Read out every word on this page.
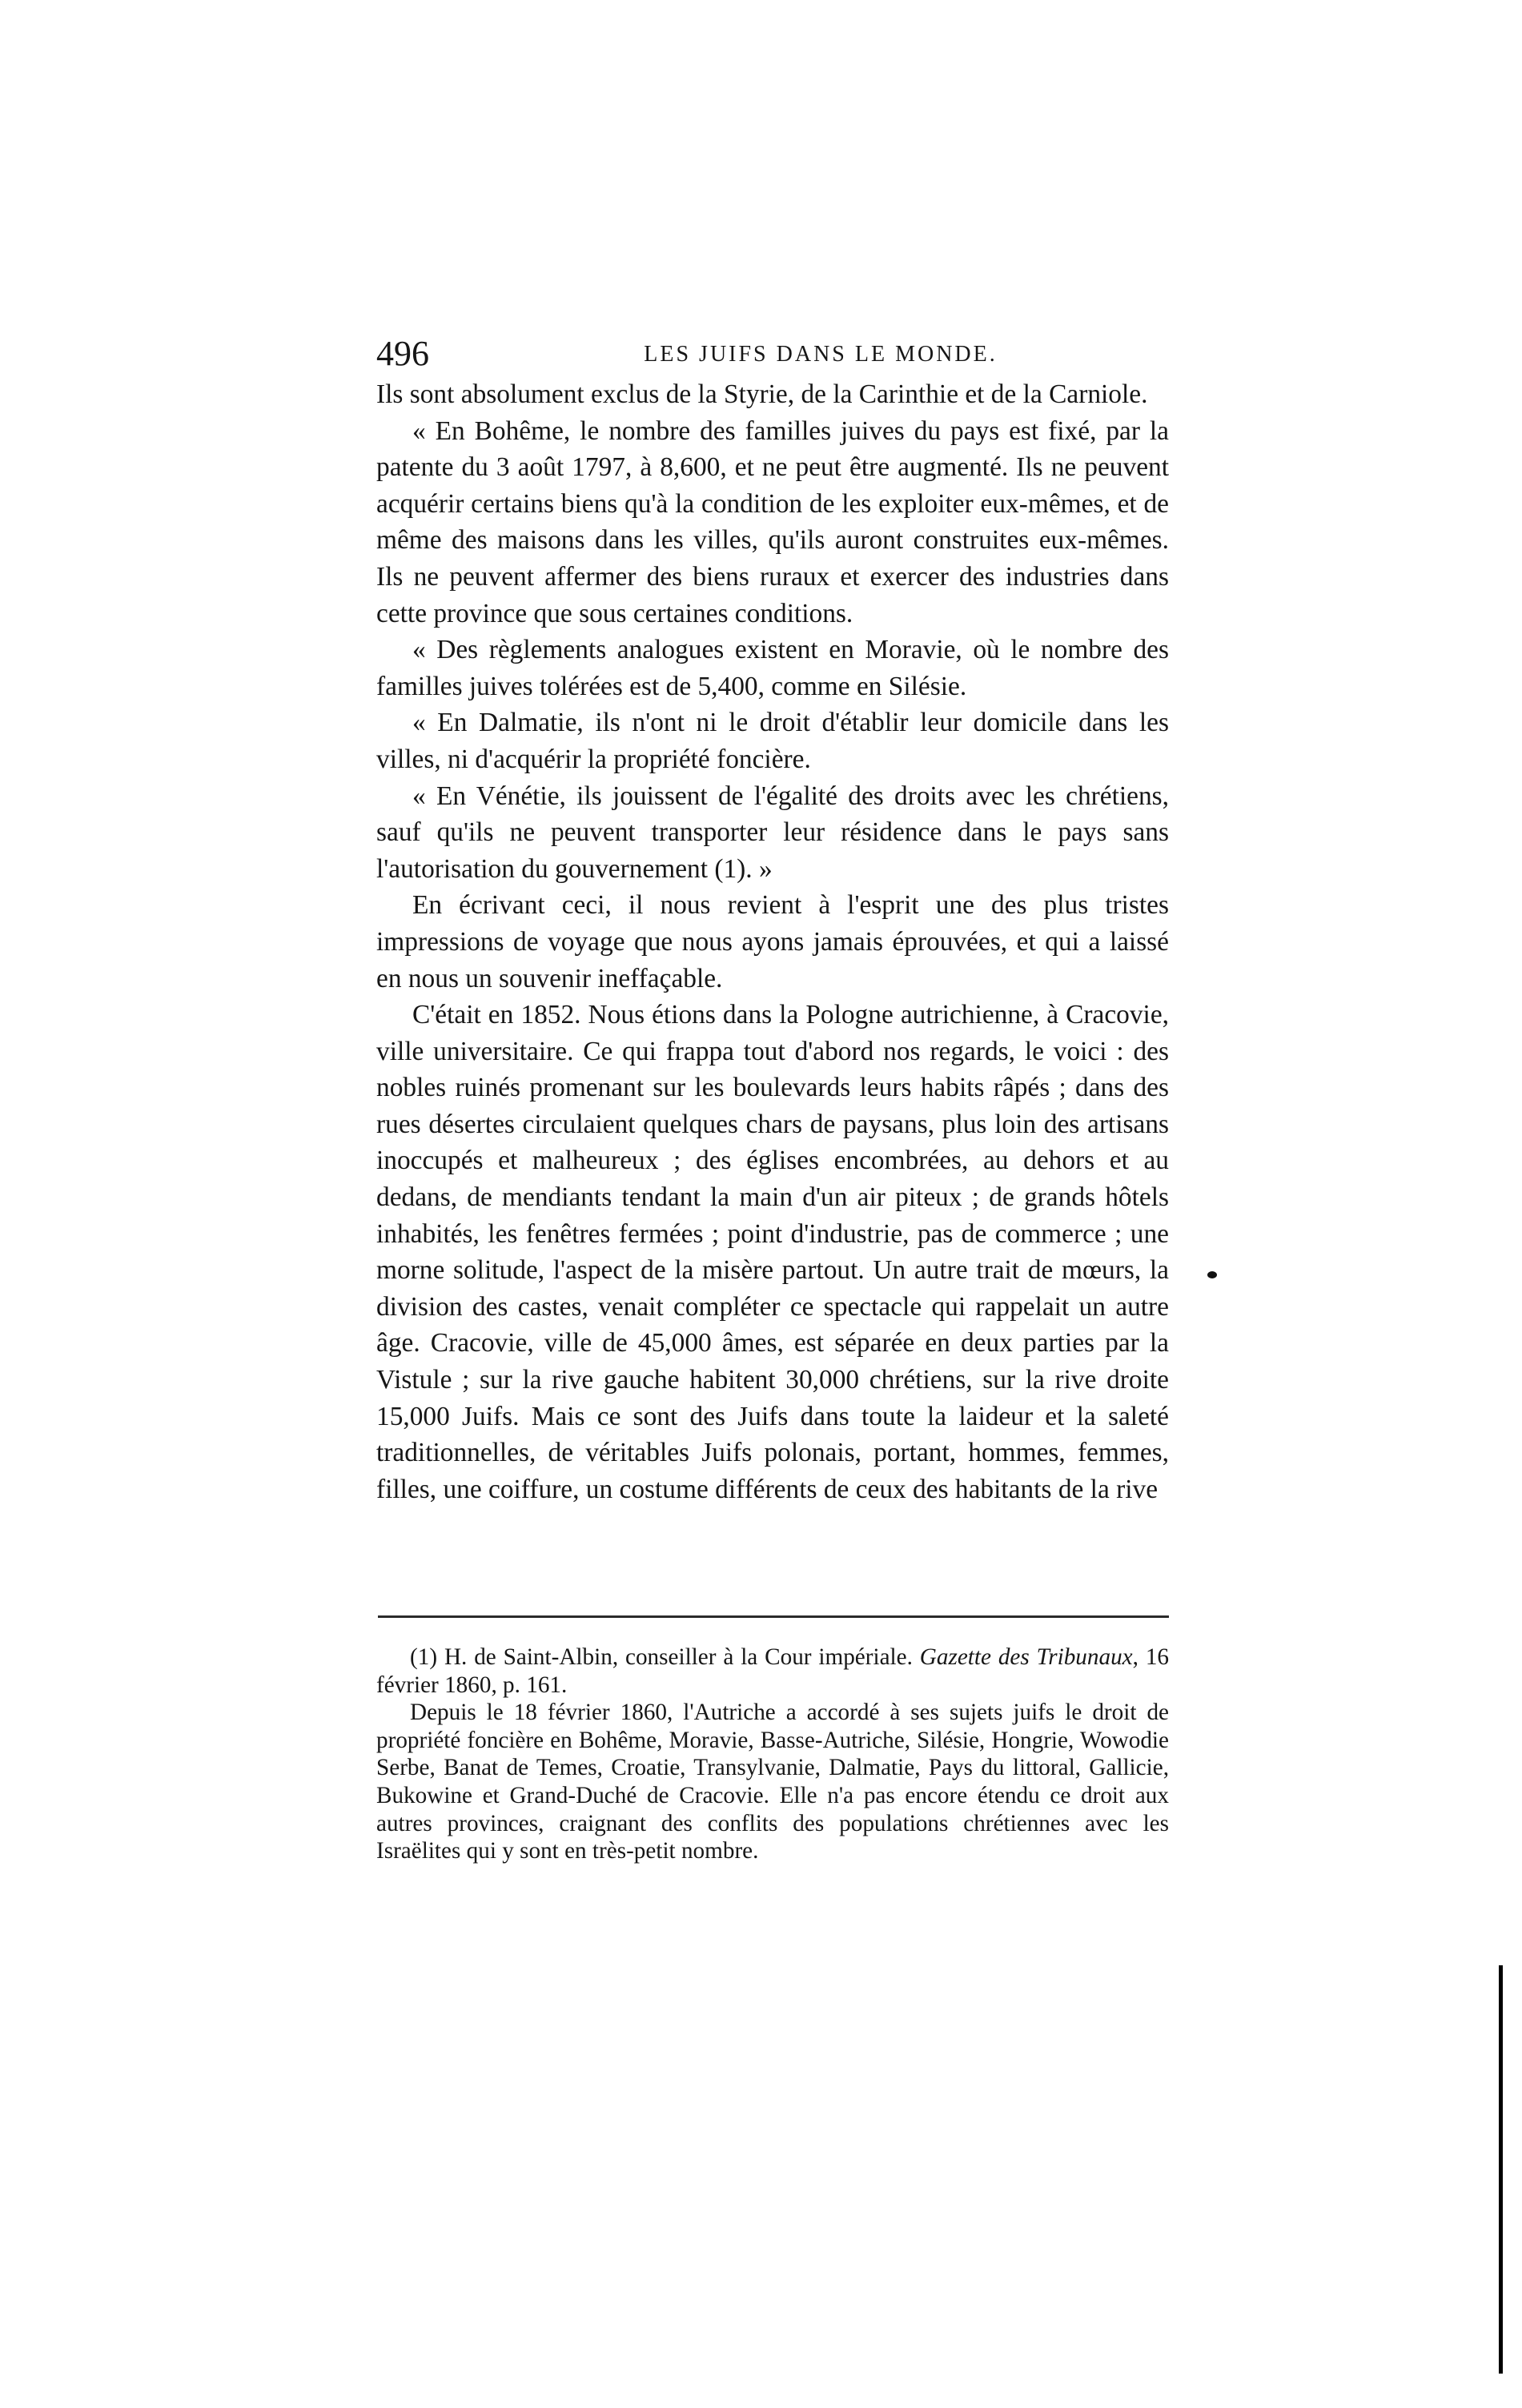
496	LES JUIFS DANS LE MONDE.

Ils sont absolument exclus de la Styrie, de la Carinthie et de la Carniole.

« En Bohême, le nombre des familles juives du pays est fixé, par la patente du 3 août 1797, à 8,600, et ne peut être augmenté. Ils ne peuvent acquérir certains biens qu'à la condition de les exploiter eux-mêmes, et de même des maisons dans les villes, qu'ils auront construites eux-mêmes. Ils ne peuvent affermer des biens ruraux et exercer des industries dans cette province que sous certaines conditions.

« Des règlements analogues existent en Moravie, où le nombre des familles juives tolérées est de 5,400, comme en Silésie.

« En Dalmatie, ils n'ont ni le droit d'établir leur domicile dans les villes, ni d'acquérir la propriété foncière.

« En Vénétie, ils jouissent de l'égalité des droits avec les chrétiens, sauf qu'ils ne peuvent transporter leur résidence dans le pays sans l'autorisation du gouvernement (1). »

En écrivant ceci, il nous revient à l'esprit une des plus tristes impressions de voyage que nous ayons jamais éprouvées, et qui a laissé en nous un souvenir ineffaçable.

C'était en 1852. Nous étions dans la Pologne autrichienne, à Cracovie, ville universitaire. Ce qui frappa tout d'abord nos regards, le voici : des nobles ruinés promenant sur les boulevards leurs habits râpés ; dans des rues désertes circulaient quelques chars de paysans, plus loin des artisans inoccupés et malheureux ; des églises encombrées, au dehors et au dedans, de mendiants tendant la main d'un air piteux ; de grands hôtels inhabités, les fenêtres fermées ; point d'industrie, pas de commerce ; une morne solitude, l'aspect de la misère partout. Un autre trait de mœurs, la division des castes, venait compléter ce spectacle qui rappelait un autre âge. Cracovie, ville de 45,000 âmes, est séparée en deux parties par la Vistule ; sur la rive gauche habitent 30,000 chrétiens, sur la rive droite 15,000 Juifs. Mais ce sont des Juifs dans toute la laideur et la saleté traditionnelles, de véritables Juifs polonais, portant, hommes, femmes, filles, une coiffure, un costume différents de ceux des habitants de la rive

(1) H. de Saint-Albin, conseiller à la Cour impériale. Gazette des Tribunaux, 16 février 1860, p. 161.

Depuis le 18 février 1860, l'Autriche a accordé à ses sujets juifs le droit de propriété foncière en Bohême, Moravie, Basse-Autriche, Silésie, Hongrie, Wowodie Serbe, Banat de Temes, Croatie, Transylvanie, Dalmatie, Pays du littoral, Gallicie, Bukowine et Grand-Duché de Cracovie. Elle n'a pas encore étendu ce droit aux autres provinces, craignant des conflits des populations chrétiennes avec les Israëlites qui y sont en très-petit nombre.
